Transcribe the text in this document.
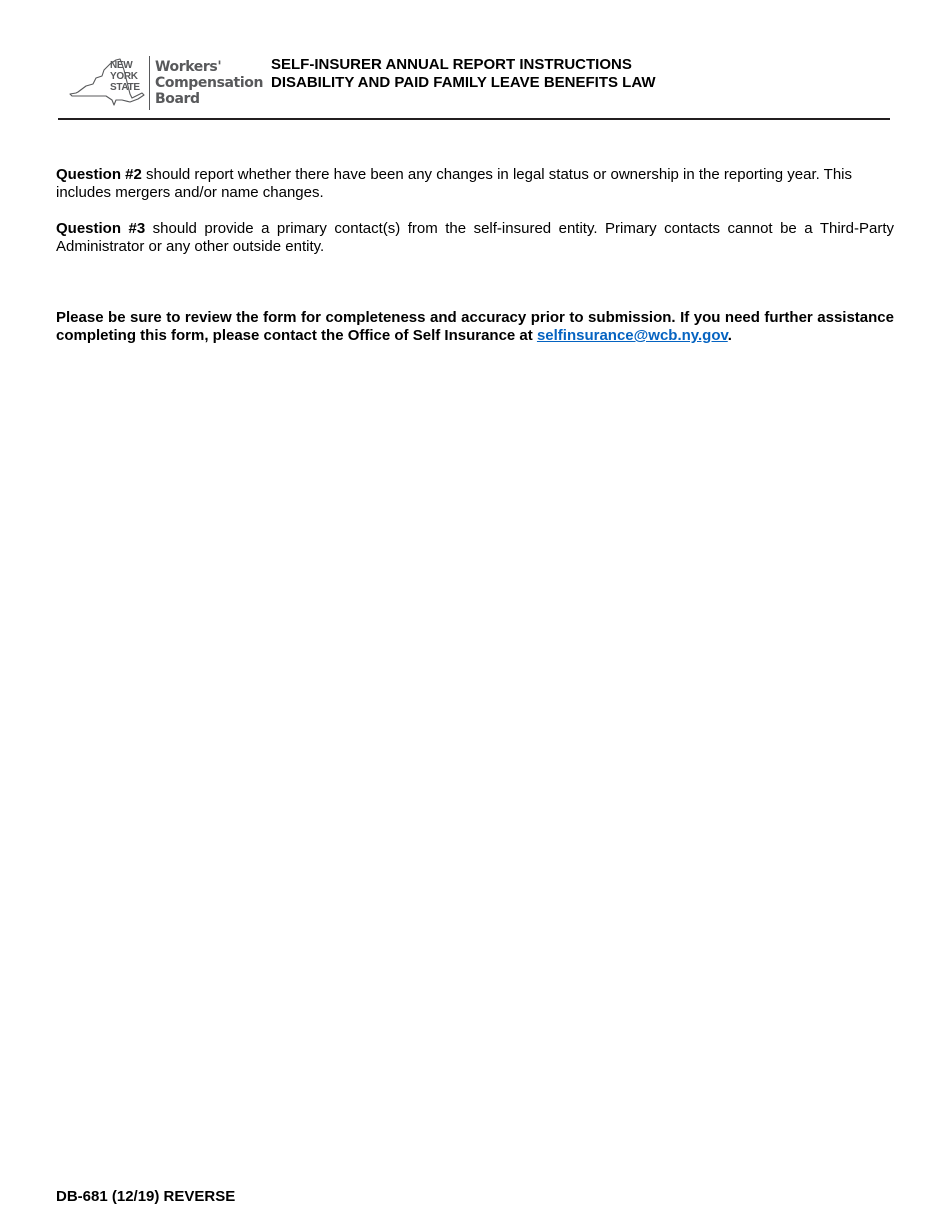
NEW
YORK
STATE
Workers'
Compensation
Board
SELF-INSURER ANNUAL REPORT INSTRUCTIONS
DISABILITY AND PAID FAMILY LEAVE BENEFITS LAW
Question #2 should report whether there have been any changes in legal status or ownership in the reporting year. This includes mergers and/or name changes.
Question #3 should provide a primary contact(s) from the self-insured entity. Primary contacts cannot be a Third-Party Administrator or any other outside entity.
Please be sure to review the form for completeness and accuracy prior to submission. If you need further assistance completing this form, please contact the Office of Self Insurance at selfinsurance@wcb.ny.gov.
DB-681 (12/19) REVERSE
